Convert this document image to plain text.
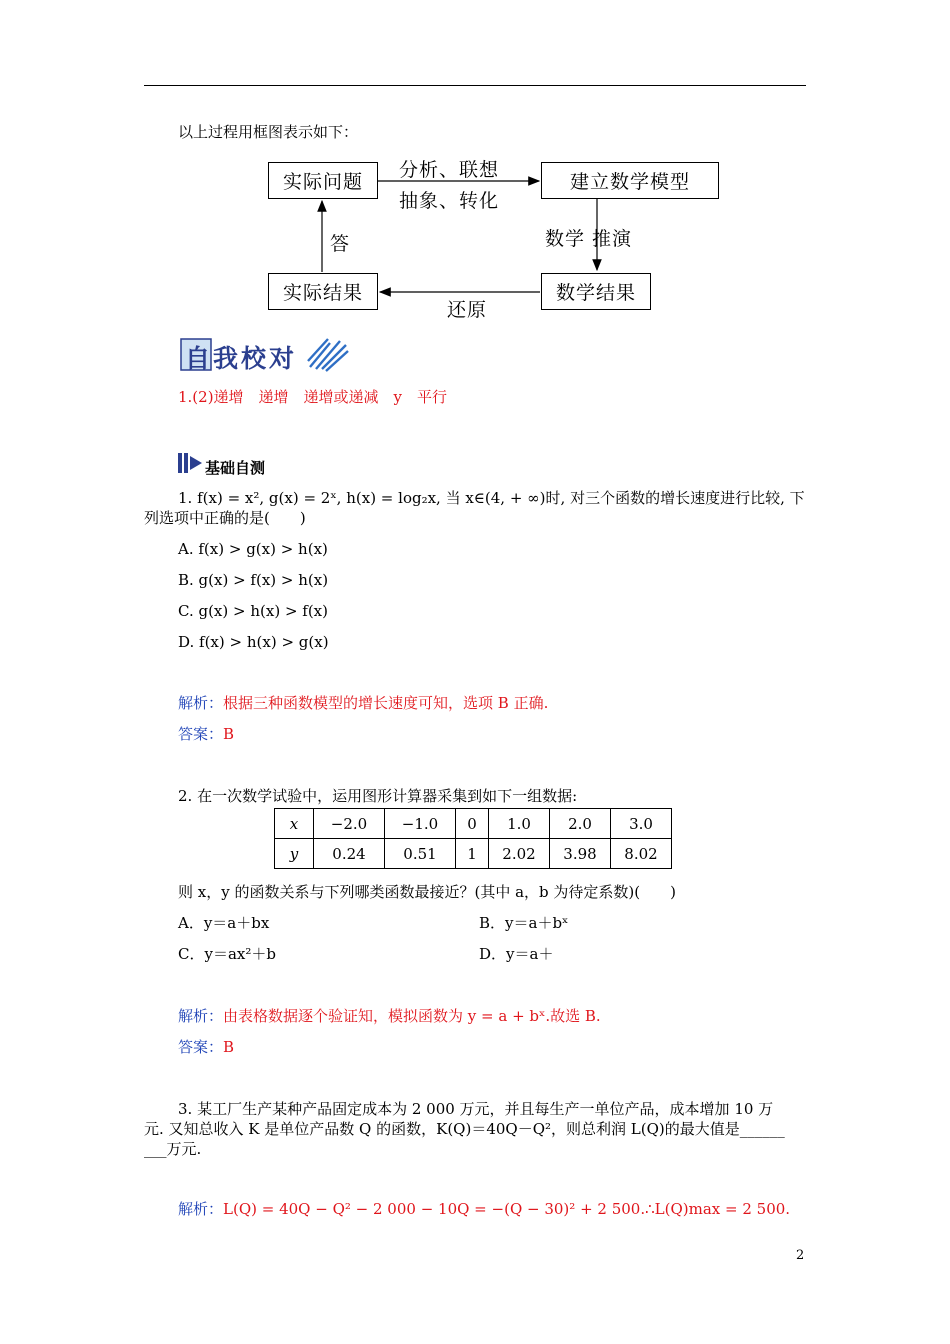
以上过程用框图表示如下：
实际问题	建立数学模型
数学结果
实际结果
分析、联想
抽象、转化
数学 推演
还原
答
自我校对
1.(2)递增　递增　递增或递减　y　平行
基础自测
1. f(x) = x², g(x) = 2ˣ, h(x) = log₂x, 当 x∈(4, + ∞)时, 对三个函数的增长速度进行比较, 下
列选项中正确的是(　　)
A. f(x) > g(x) > h(x)
B. g(x) > f(x) > h(x)
C. g(x) > h(x) > f(x)
D. f(x) > h(x) > g(x)
解析：根据三种函数模型的增长速度可知，选项 B 正确.
答案：B
2. 在一次数学试验中，运用图形计算器采集到如下一组数据:
x	−2.0	−1.0	0	1.0	2.0	3.0
y	0.24	0.51	1	2.02	3.98	8.02
则 x，y 的函数关系与下列哪类函数最接近？(其中 a，b 为待定系数)(　　)
A．y＝a＋bx	B．y＝a＋bˣ
C．y＝ax²＋b	D．y＝a＋
解析：由表格数据逐个验证知，模拟函数为 y = a + bˣ.故选 B.
答案：B
3. 某工厂生产某种产品固定成本为 2 000 万元，并且每生产一单位产品，成本增加 10 万
元. 又知总收入 K 是单位产品数 Q 的函数，K(Q)＝40Q－Q²，则总利润 L(Q)的最大值是______
___万元.
解析：L(Q) = 40Q − Q² − 2 000 − 10Q = −(Q − 30)² + 2 500.∴L(Q)max = 2 500.
2
